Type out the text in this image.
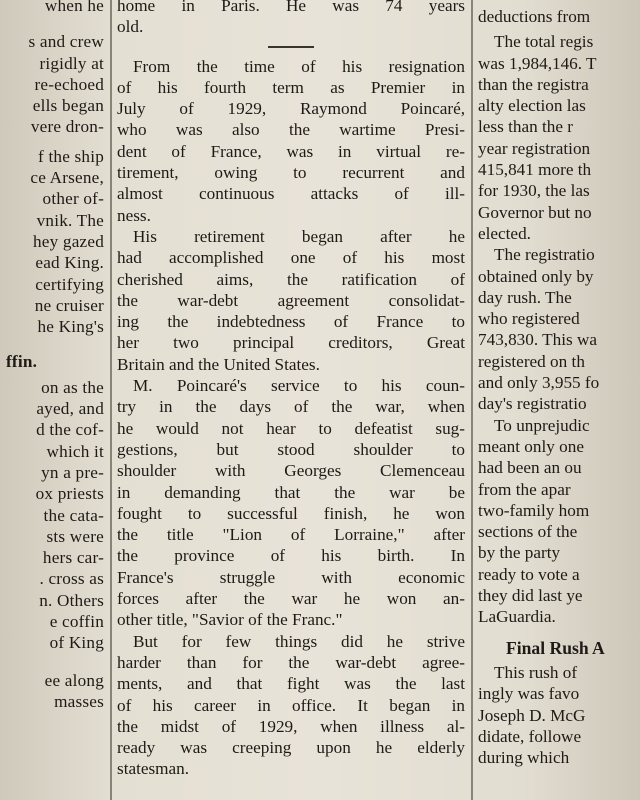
when he

s and crew

rigidly at

re-echoed

ells began

vere dron-

f the ship

ce Arsene,

other of-

vnik. The

hey gazed

ead King.

certifying

ne cruiser

he King's

ffin.

on as the

ayed, and

d the cof-

which it

yn a pre-

ox priests

the cata-

sts were

hers car-

. cross as

n. Others

e coffin

of King

ee along

masses

home in Paris. He was 74 years

old.

From the time of his resignation

of his fourth term as Premier in

July of 1929, Raymond Poincaré,

who was also the wartime Presi-

dent of France, was in virtual re-

tirement, owing to recurrent and

almost continuous attacks of ill-

ness.

His retirement began after he

had accomplished one of his most

cherished aims, the ratification of

the war-debt agreement consolidat-

ing the indebtedness of France to

her two principal creditors, Great

Britain and the United States.

M. Poincaré's service to his coun-

try in the days of the war, when

he would not hear to defeatist sug-

gestions, but stood shoulder to

shoulder with Georges Clemenceau

in demanding that the war be

fought to successful finish, he won

the title "Lion of Lorraine," after

the province of his birth. In

France's struggle with economic

forces after the war he won an-

other title, "Savior of the Franc."

But for few things did he strive

harder than for the war-debt agree-

ments, and that fight was the last

of his career in office. It began in

the midst of 1929, when illness al-

ready was creeping upon he elderly

statesman.

deductions from

The total regis

was 1,984,146. T

than the registra

alty election las

less than the r

year registration

415,841 more th

for 1930, the las

Governor but no

elected.

The registratio

obtained only by

day rush. The

who registered

743,830. This wa

registered on th

and only 3,955 fo

day's registratio

To unprejudic

meant only one

had been an ou

from the apar

two-family hom

sections of the

by the party

ready to vote a

they did last ye

LaGuardia.

Final Rush A

This rush of

ingly was favo

Joseph D. McG

didate, followe

during which
